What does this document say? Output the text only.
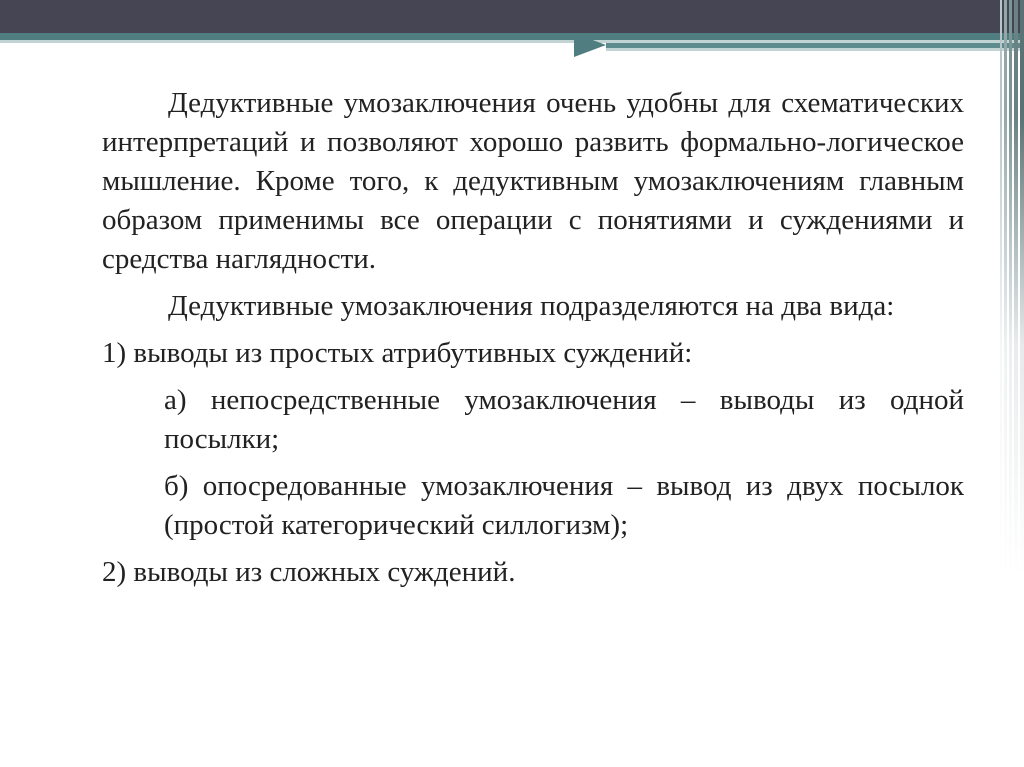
Дедуктивные умозаключения очень удобны для схематических интерпретаций и позволяют хорошо развить формально-логическое мышление. Кроме того, к дедуктивным умозаключениям главным образом применимы все операции с понятиями и суждениями и средства наглядности.

Дедуктивные умозаключения подразделяются на два вида:

1) выводы из простых атрибутивных суждений:

а) непосредственные умозаключения – выводы из одной посылки;

б) опосредованные умозаключения – вывод из двух посылок (простой категорический силлогизм);

2) выводы из сложных суждений.
